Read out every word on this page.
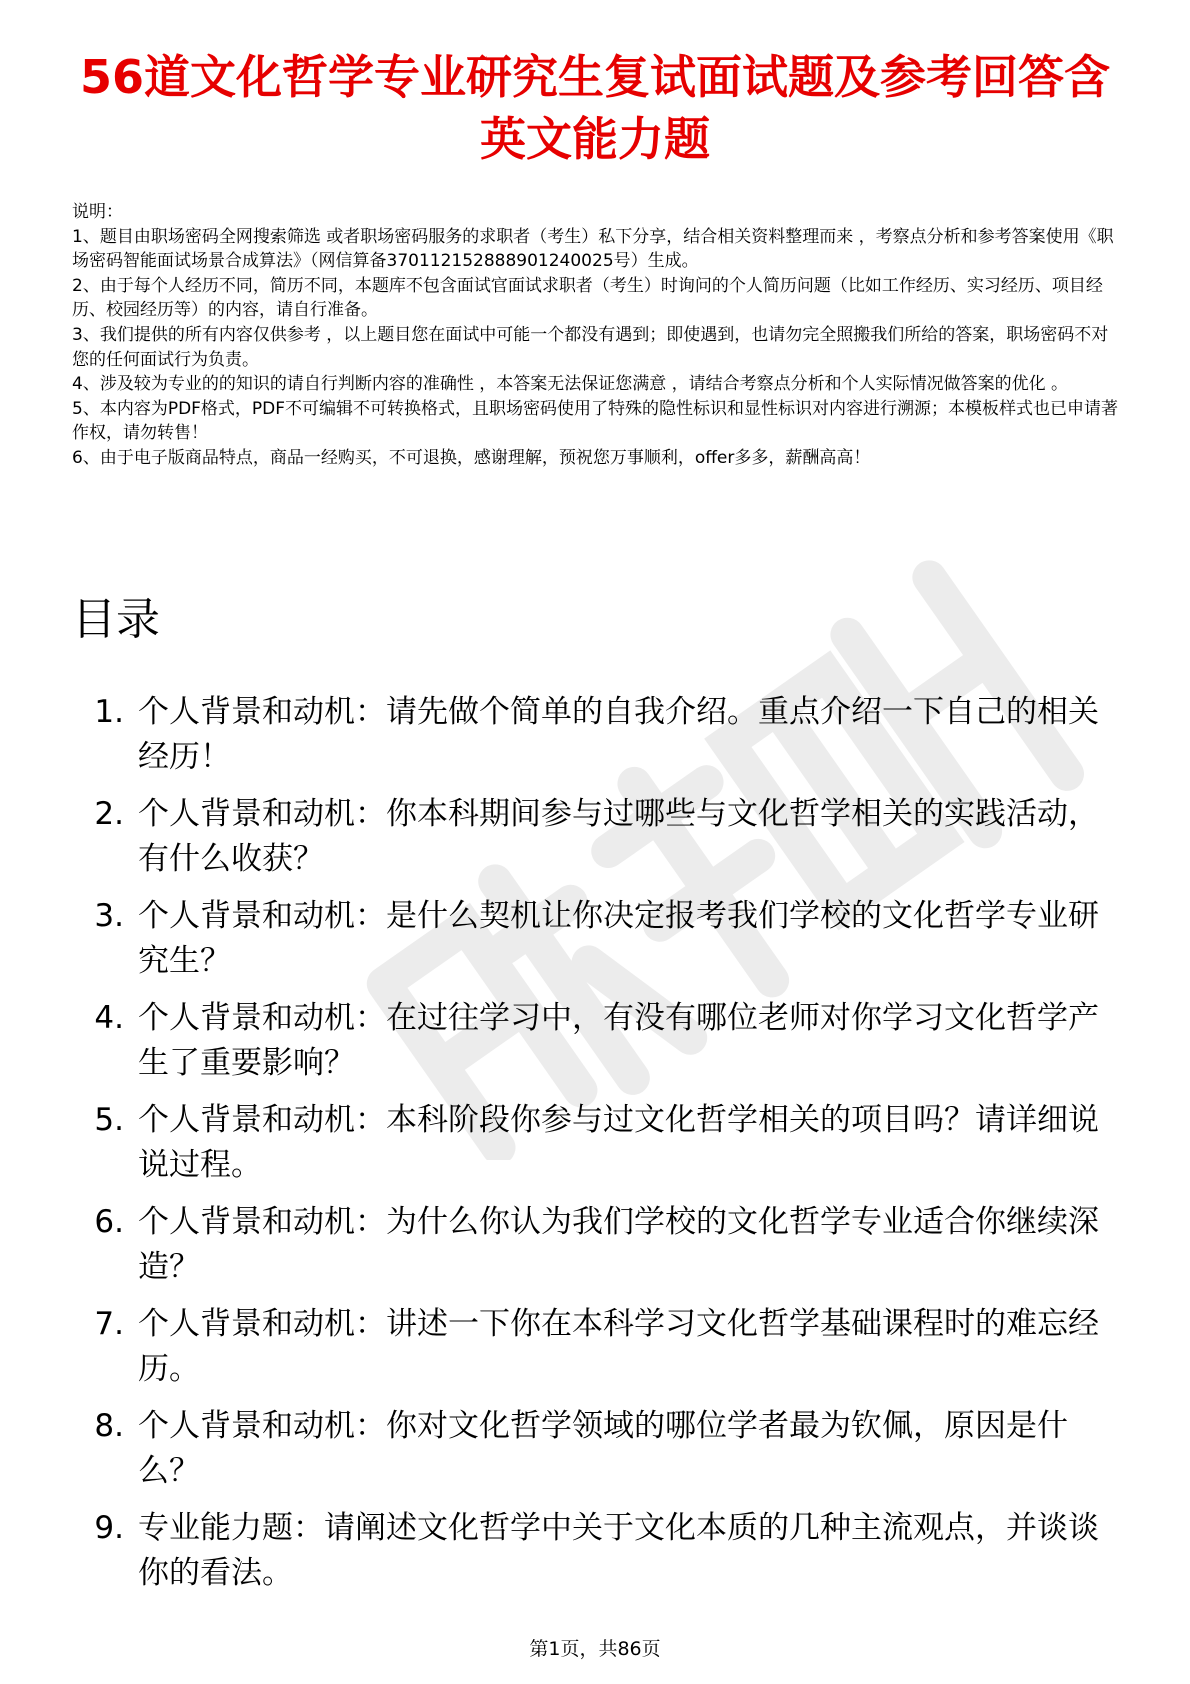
56道文化哲学专业研究生复试面试题及参考回答含英文能力题

说明：

1、题目由职场密码全网搜索筛选 或者职场密码服务的求职者（考生）私下分享，结合相关资料整理而来 ，考察点分析和参考答案使用《职场密码智能面试场景合成算法》（网信算备370112152888901240025号）生成。

2、由于每个人经历不同，简历不同，本题库不包含面试官面试求职者（考生）时询问的个人简历问题（比如工作经历、实习经历、项目经历、校园经历等）的内容，请自行准备。

3、我们提供的所有内容仅供参考 ，以上题目您在面试中可能一个都没有遇到；即使遇到，也请勿完全照搬我们所给的答案，职场密码不对您的任何面试行为负责。

4、涉及较为专业的的知识的请自行判断内容的准确性 ，本答案无法保证您满意 ，请结合考察点分析和个人实际情况做答案的优化 。

5、本内容为PDF格式，PDF不可编辑不可转换格式，且职场密码使用了特殊的隐性标识和显性标识对内容进行溯源；本模板样式也已申请著作权，请勿转售！

6、由于电子版商品特点，商品一经购买，不可退换，感谢理解，预祝您万事顺利，offer多多，薪酬高高！

目录
1. 个人背景和动机：请先做个简单的自我介绍。重点介绍一下自己的相关经历！
2. 个人背景和动机：你本科期间参与过哪些与文化哲学相关的实践活动，有什么收获？
3. 个人背景和动机：是什么契机让你决定报考我们学校的文化哲学专业研究生？
4. 个人背景和动机：在过往学习中，有没有哪位老师对你学习文化哲学产生了重要影响？
5. 个人背景和动机：本科阶段你参与过文化哲学相关的项目吗？请详细说说过程。
6. 个人背景和动机：为什么你认为我们学校的文化哲学专业适合你继续深造？
7. 个人背景和动机：讲述一下你在本科学习文化哲学基础课程时的难忘经历。
8. 个人背景和动机：你对文化哲学领域的哪位学者最为钦佩，原因是什么？
9. 专业能力题：请阐述文化哲学中关于文化本质的几种主流观点，并谈谈你的看法。
第1页，共86页
